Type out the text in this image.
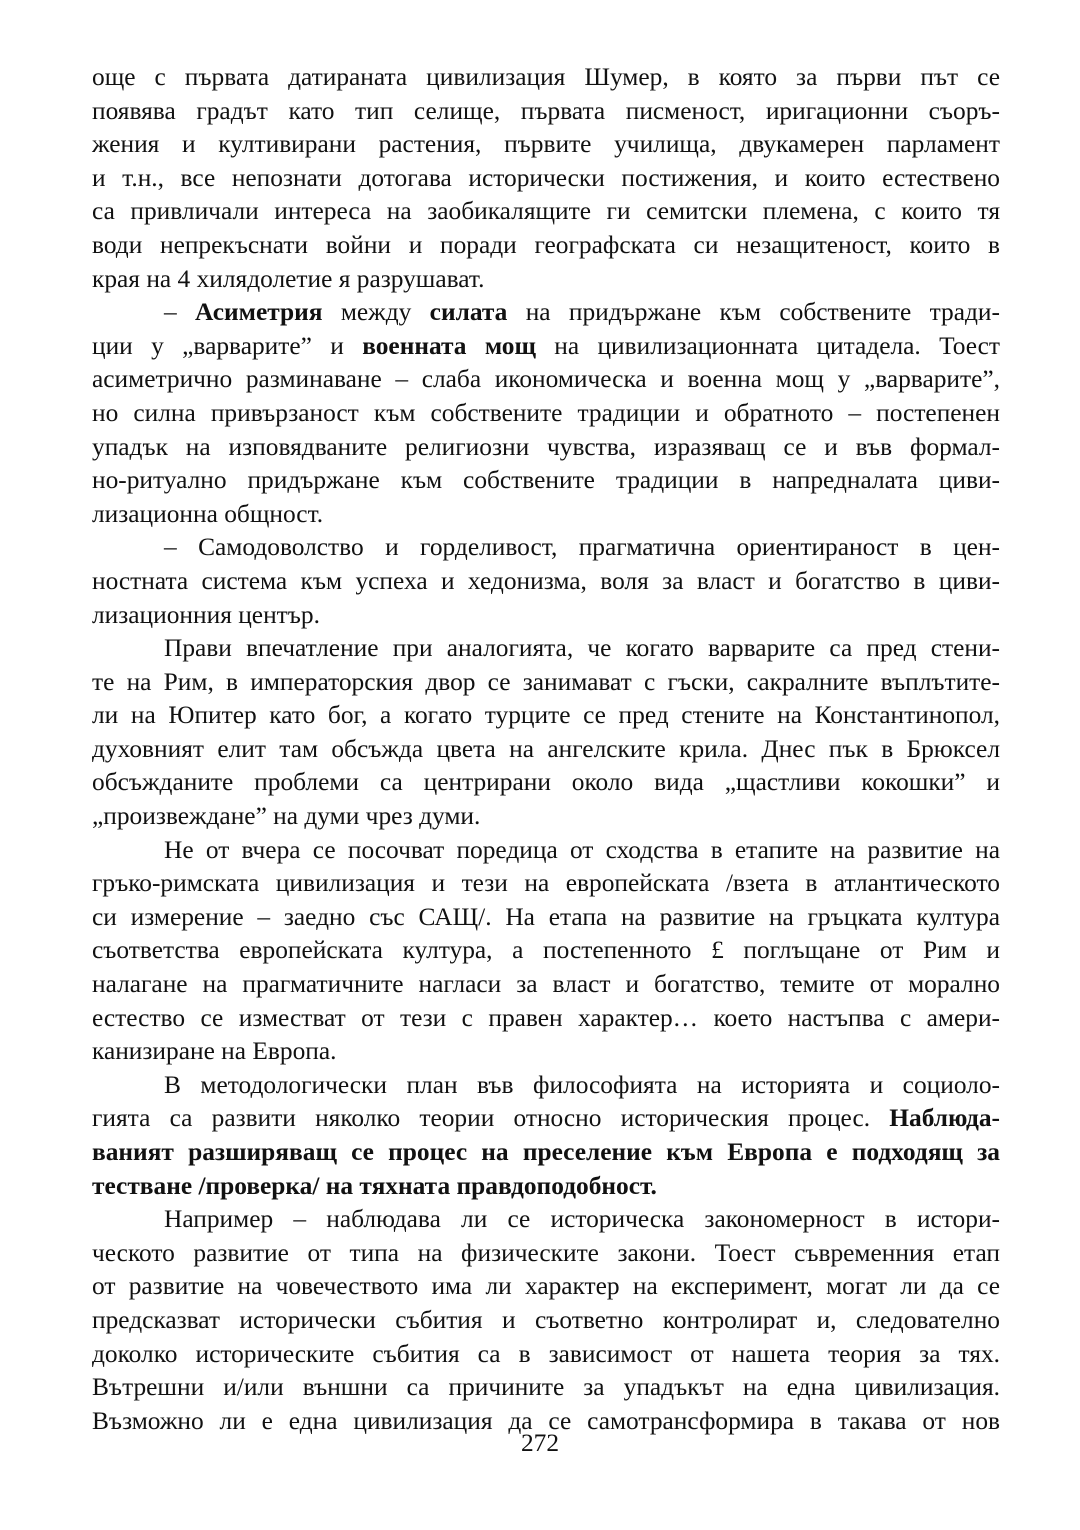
още с първата датираната цивилизация Шумер, в която за първи път се
появява градът като тип селище, първата писменост, иригационни съоръ-
жения и култивирани растения, първите училища, двукамерен парламент
и т.н., все непознати дотогава исторически постижения, и които естествено
са привличали интереса на заобикалящите ги семитски племена, с които тя
води непрекъснати войни и поради географската си незащитеност, които в
края на 4 хилядолетие я разрушават.
– Асиметрия между силата на придържане към собствените тради-
ции у „варварите” и военната мощ на цивилизационната цитадела. Тоест
асиметрично разминаване – слаба икономическа и военна мощ у „варварите”,
но силна привързаност към собствените традиции и обратното – постепенен
упадък на изповядваните религиозни чувства, изразяващ се и във формал-
но-ритуално придържане към собствените традиции в напредналата циви-
лизационна общност.
– Самодоволство и горделивост, прагматична ориентираност в цен-
ностната система към успеха и хедонизма, воля за власт и богатство в циви-
лизационния център.
Прави впечатление при аналогията, че когато варварите са пред стени-
те на Рим, в императорския двор се занимават с гъски, сакралните въплътите-
ли на Юпитер като бог, а когато турците се пред стените на Константинопол,
духовният елит там обсъжда цвета на ангелските крила. Днес пък в Брюксел
обсъжданите проблеми са центрирани около вида „щастливи кокошки” и
„произвеждане” на думи чрез думи.
Не от вчера се посочват поредица от сходства в етапите на развитие на
гръко-римската цивилизация и тези на европейската /взета в атлантическото
си измерение – заедно със САЩ/. На етапа на развитие на гръцката култура
съответства европейската култура, а постепенното £ поглъщане от Рим и
налагане на прагматичните нагласи за власт и богатство, темите от морално
естество се изместват от тези с правен характер… което настъпва с амери-
канизиране на Европа.
В методологически план във философията на историята и социоло-
гията са развити няколко теории относно историческия процес. Наблюда-
ваният разширяващ се процес на преселение към Европа е подходящ за
тестване /проверка/ на тяхната правдоподобност.
Например – наблюдава ли се историческа закономерност в истори-
ческото развитие от типа на физическите закони. Тоест съвременния етап
от развитие на човечеството има ли характер на експеримент, могат ли да се
предсказват исторически събития и съответно контролират и, следователно
доколко историческите събития са в зависимост от нашета теория за тях.
Вътрешни и/или външни са причините за упадъкът на една цивилизация.
Възможно ли е една цивилизация да се самотрансформира в такава от нов
272
